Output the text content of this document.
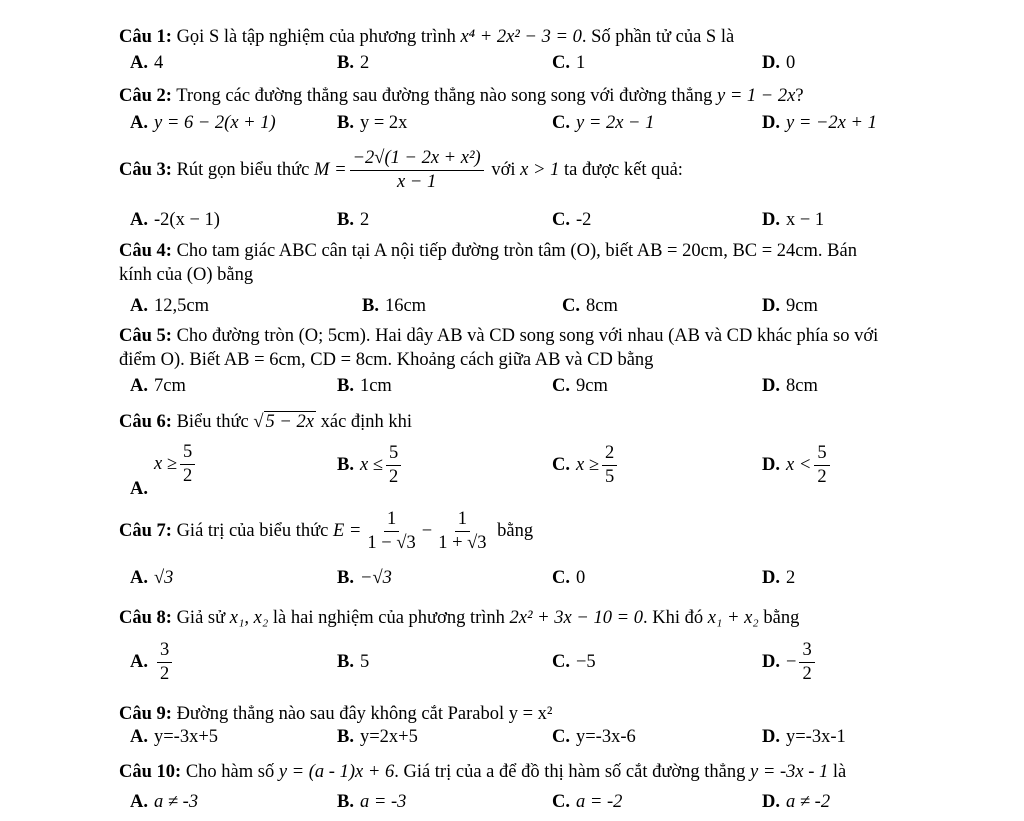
Câu 1: Gọi S là tập nghiệm của phương trình x⁴ + 2x² − 3 = 0. Số phần tử của S là
A. 4	B. 2	C. 1	D. 0
Câu 2: Trong các đường thẳng sau đường thẳng nào song song với đường thẳng y = 1 − 2x?
A. y = 6 − 2(x + 1)	B. y = 2x	C. y = 2x − 1	D. y = −2x + 1
Câu 3:
Rút gọn biểu thức
$M = \frac{\text{−2√(1 − 2x + x²)}}{x - 1}$
với
x > 1
ta được kết quả:
A. -2(x − 1)	B. 2	C. -2	D. x − 1
Câu 4: Cho tam giác ABC cân tại A nội tiếp đường tròn tâm (O), biết AB = 20cm, BC = 24cm. Bán
kính của (O) bằng
A. 12,5cm	B. 16cm	C. 8cm	D. 9cm
Câu 5: Cho đường tròn (O; 5cm). Hai dây AB và CD song song với nhau (AB và CD khác phía so với
điểm O). Biết AB = 6cm, CD = 8cm. Khoảng cách giữa AB và CD bằng
A. 7cm	B. 1cm	C. 9cm	D. 8cm
Câu 6: Biểu thức √ 5 − 2x xác định khi
A.
$x \ge \frac{5}{2}$	B. $x \le \frac{5}{2}$	C. $x \ge \frac{2}{5}$	D. $x < \frac{5}{2}$
Câu 7:
Giá trị của biểu thức
$E = \frac{1}{1 - √3} - \frac{1}{1 + √3}$
bằng
A. √3	B. −√3	C. 0	D. 2
Câu 8: Giả sử x₁, x₂ là hai nghiệm của phương trình 2x² + 3x − 10 = 0. Khi đó x₁ + x₂ bằng
A. $\frac{3}{2}$	B. 5	C. −5	D. − $\frac{3}{2}$
Câu 9: Đường thẳng nào sau đây không cắt Parabol y = x²
A. y=-3x+5	B. y=2x+5	C. y=-3x-6	D. y=-3x-1
Câu 10: Cho hàm số y = (a - 1)x + 6. Giá trị của a để đồ thị hàm số cắt đường thẳng y = -3x - 1 là
A. a ≠ -3	B. a = -3	C. a = -2	D. a ≠ -2
